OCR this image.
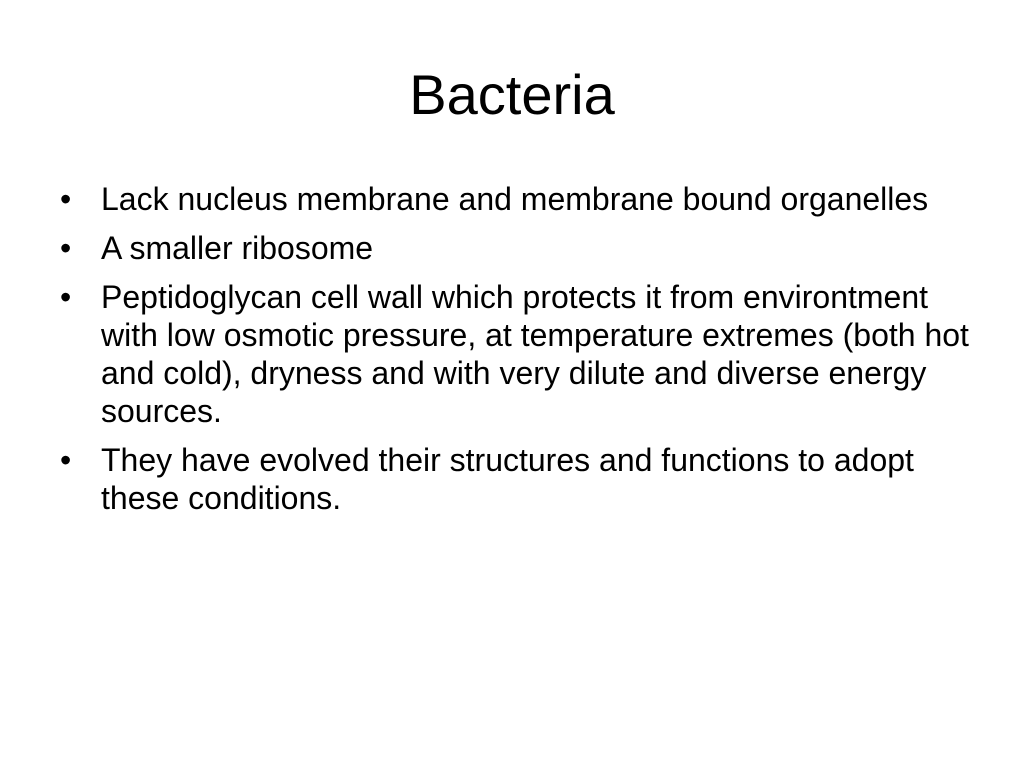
Bacteria
• Lack nucleus membrane and membrane bound organelles
• A smaller ribosome
• Peptidoglycan cell wall which protects it from environtment with low osmotic pressure, at temperature extremes (both hot and cold), dryness and with very dilute and diverse energy sources.
• They have evolved their structures and functions to adopt these conditions.
